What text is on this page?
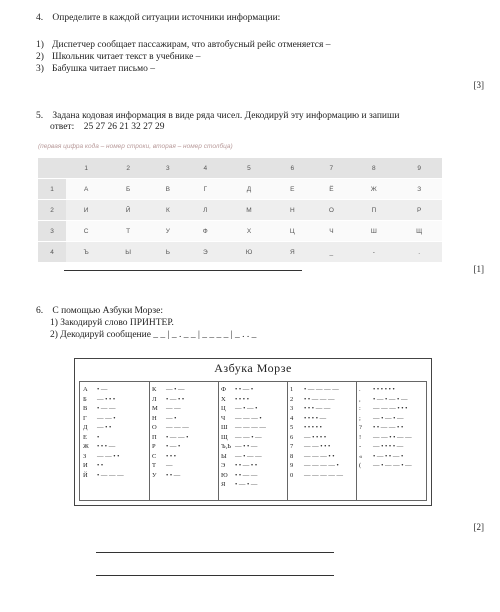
4. Определите в каждой ситуации источники информации:
1) Диспетчер сообщает пассажирам, что автобусный рейс отменяется –
2) Школьник читает текст в учебнике –
3) Бабушка читает письмо –
[3]
5. Задана кодовая информация в виде ряда чисел. Декодируй эту информацию и запиши
ответ: 25 27 26 21 32 27 29
(первая цифра кода – номер строки, вторая – номер столбца)
	1	2	3	4	5	6	7	8	9
1	А	Б	В	Г	Д	Е	Ё	Ж	З
2	И	Й	К	Л	М	Н	О	П	Р
3	С	Т	У	Ф	Х	Ц	Ч	Ш	Щ
4	Ъ	Ы	Ь	Э	Ю	Я	_	-	.
[1]
6. С помощью Азбуки Морзе:
1) Закодируй слово ПРИНТЕР.
2) Декодируй сообщение _ _ | _ . _ _ | _ _ _ _ | _ . . _
Азбука Морзе
А • —
Б — • • •
В • — —
Г — — •
Д — • •
Е •
Ж • • • —
З — — • •
И • •
Й • — — —
К — • —
Л • — • •
М — —
Н — •
О — — —
П • — — •
Р • — •
С • • •
Т —
У • • —
Ф • • — •
Х • • • •
Ц — • — •
Ч — — — •
Ш — — — —
Щ — — • —
Ъ,Ь — • • —
Ы — • — —
Э • • — • •
Ю • • — —
Я • — • —
1 • — — — —
2 • • — — —
3 • • • — —
4 • • • • —
5 • • • • •
6 — • • • •
7 — — • • •
8 — — — • •
9 — — — — •
0 — — — — —
. • • • • • •
, • — • — • —
: — — — • • •
; — • — • —
? • • — — • •
! — — • • — —
- — • • • • —
« • — • • — •
( — • — — • —
[2]
